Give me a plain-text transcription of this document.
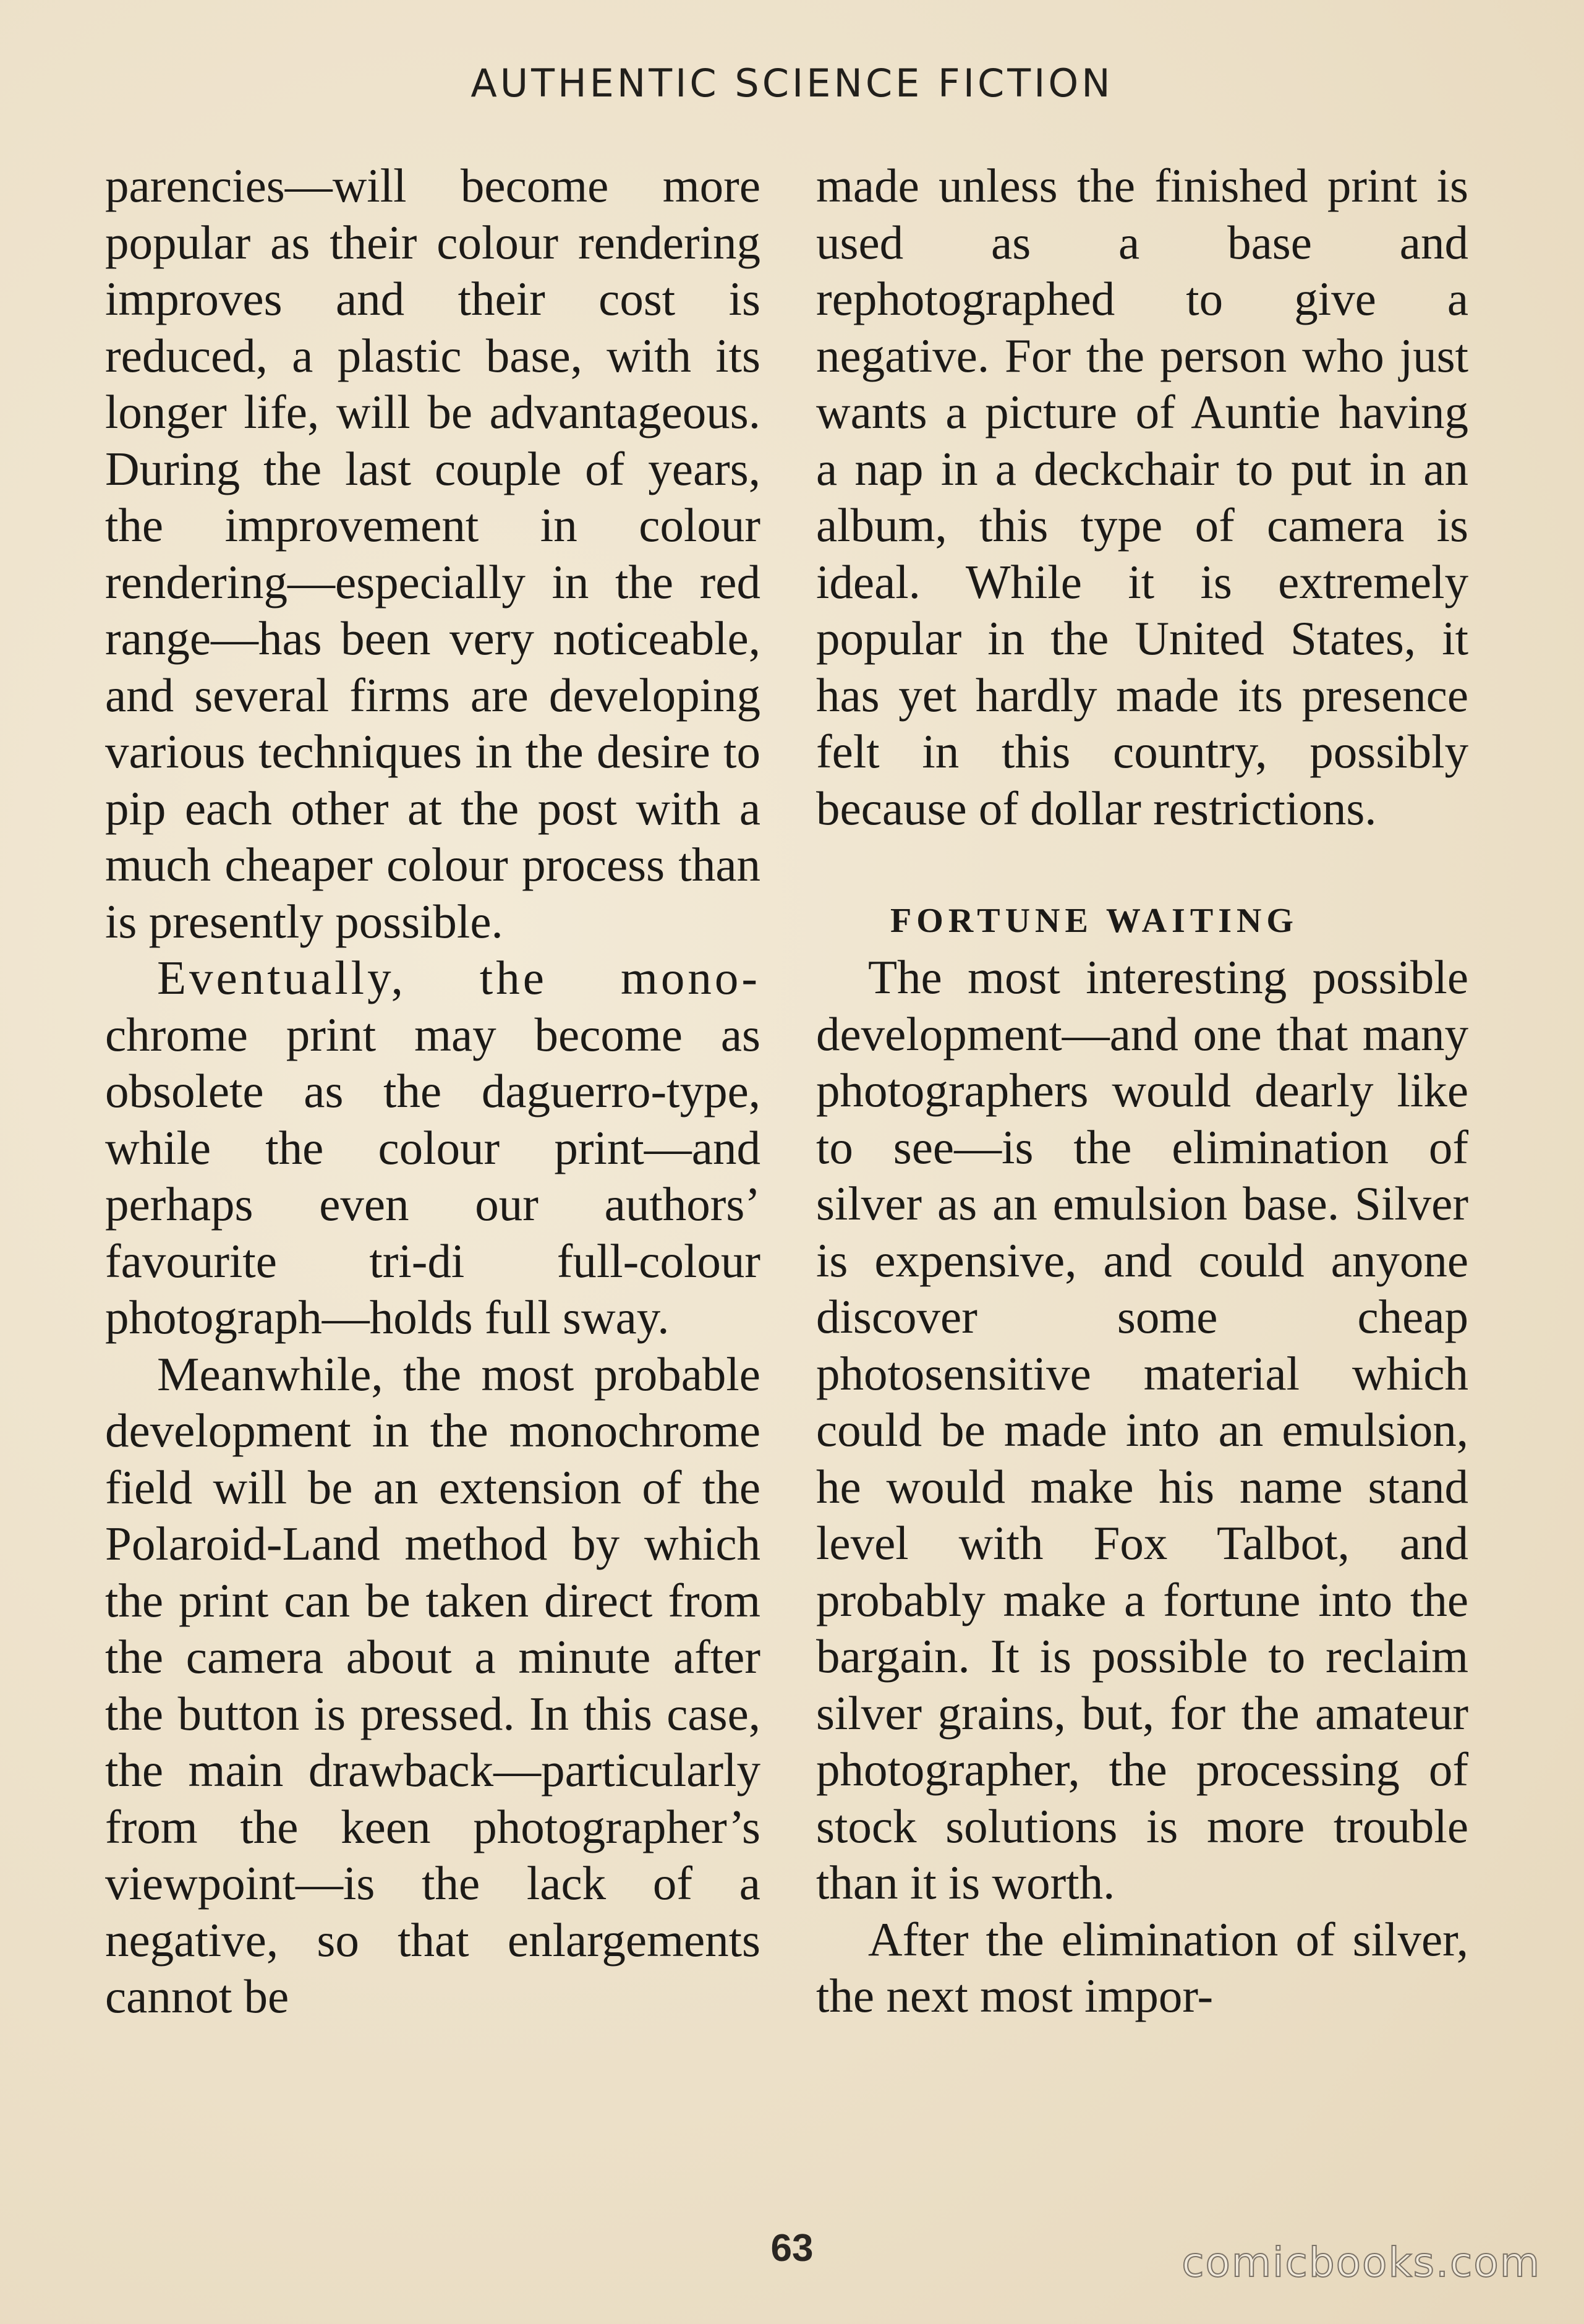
AUTHENTIC SCIENCE FICTION

parencies—will become more popular as their colour rendering improves and their cost is reduced, a plastic base, with its longer life, will be advantageous. During the last couple of years, the improvement in colour rendering—especially in the red range—has been very noticeable, and several firms are developing various techniques in the desire to pip each other at the post with a much cheaper colour process than is presently possible.

Eventually, the mono- chrome print may become as obsolete as the daguerro-type, while the colour print—and perhaps even our authors’ favourite tri-di full-colour photograph—holds full sway.

Meanwhile, the most probable development in the monochrome field will be an extension of the Polaroid-Land method by which the print can be taken direct from the camera about a minute after the button is pressed. In this case, the main drawback—particularly from the keen photographer’s viewpoint—is the lack of a negative, so that enlargements cannot be

made unless the finished print is used as a base and rephotographed to give a negative. For the person who just wants a picture of Auntie having a nap in a deckchair to put in an album, this type of camera is ideal. While it is extremely popular in the United States, it has yet hardly made its presence felt in this country, possibly because of dollar restrictions.

FORTUNE WAITING

The most interesting possible development—and one that many photographers would dearly like to see—is the elimination of silver as an emulsion base. Silver is expensive, and could anyone discover some cheap photosensitive material which could be made into an emulsion, he would make his name stand level with Fox Talbot, and probably make a fortune into the bargain. It is possible to reclaim silver grains, but, for the amateur photographer, the processing of stock solutions is more trouble than it is worth.

After the elimination of silver, the next most impor-

63	comicbooks.com
